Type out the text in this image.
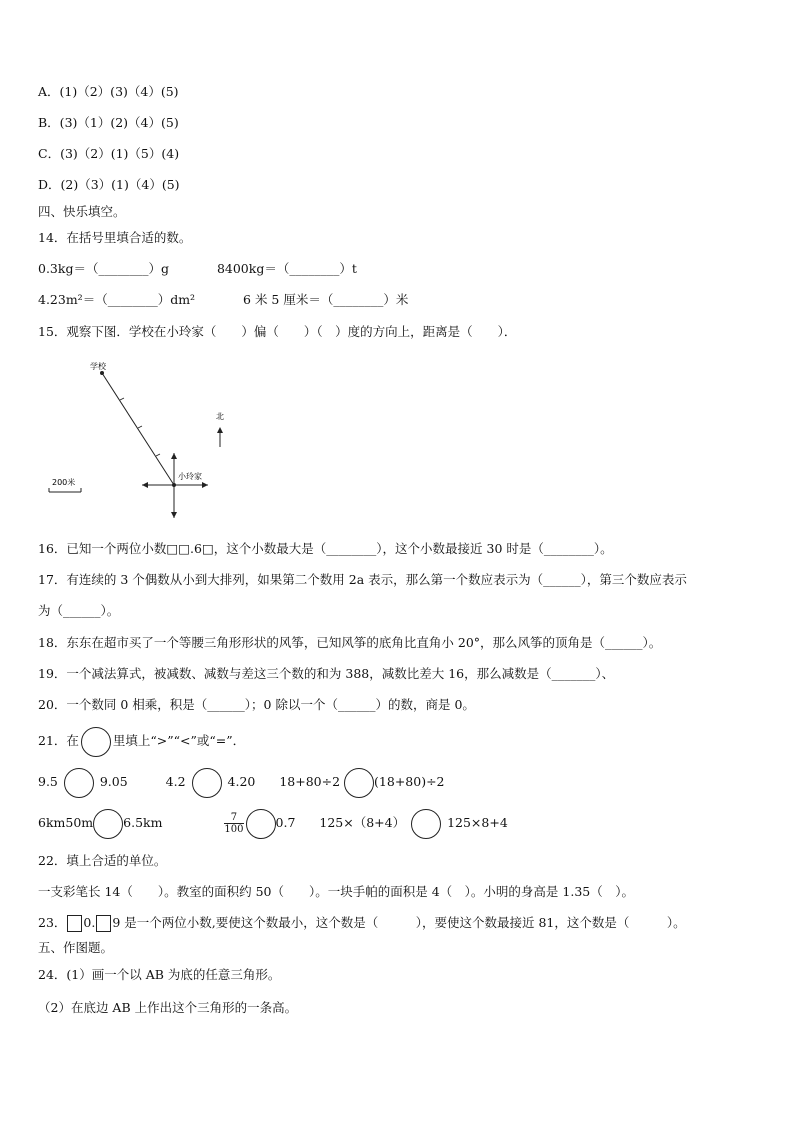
A．(1)（2）(3)（4）(5)
B．(3)（1）(2)（4）(5)
C．(3)（2）(1)（5）(4)
D．(2)（3）(1)（4）(5)
四、快乐填空。
14．在括号里填合适的数。
0.3kg＝（________）g	8400kg＝（________）t
4.23m²＝（________）dm²	6 米 5 厘米＝（________）米
15．观察下图．学校在小玲家（　　）偏（　　）（　）度的方向上，距离是（　　）．
学校
小玲家
北
200米
16．已知一个两位小数□□.6□，这个小数最大是（________），这个小数最接近 30 时是（________）。
17．有连续的 3 个偶数从小到大排列，如果第二个数用 2a 表示，那么第一个数应表示为（______），第三个数应表示
为（______）。
18．东东在超市买了一个等腰三角形形状的风筝，已知风筝的底角比直角小 20°，那么风筝的顶角是（______）。
19．一个减法算式，被减数、减数与差这三个数的和为 388，减数比差大 16，那么减数是（_______）、
20．一个数同 0 相乘，积是（______）；0 除以一个（______）的数，商是 0。
21．在	里填上“>”“<”或“=”．
9.5	9.05	4.2	4.20 18+80÷2	(18+80)÷2
6km50m 6.5km	$\frac{7}{100}$	0.7 125×（8+4）	125×8+4
22．填上合适的单位。
一支彩笔长 14（　　）。教室的面积约 50（　　）。一块手帕的面积是 4（　）。小明的身高是 1.35（　）。
23． 0. 9 是一个两位小数,要使这个数最小，这个数是（　　　），要使这个数最接近 81，这个数是（　　　）。
五、作图题。
24．(1）画一个以 AB 为底的任意三角形。
（2）在底边 AB 上作出这个三角形的一条高。
